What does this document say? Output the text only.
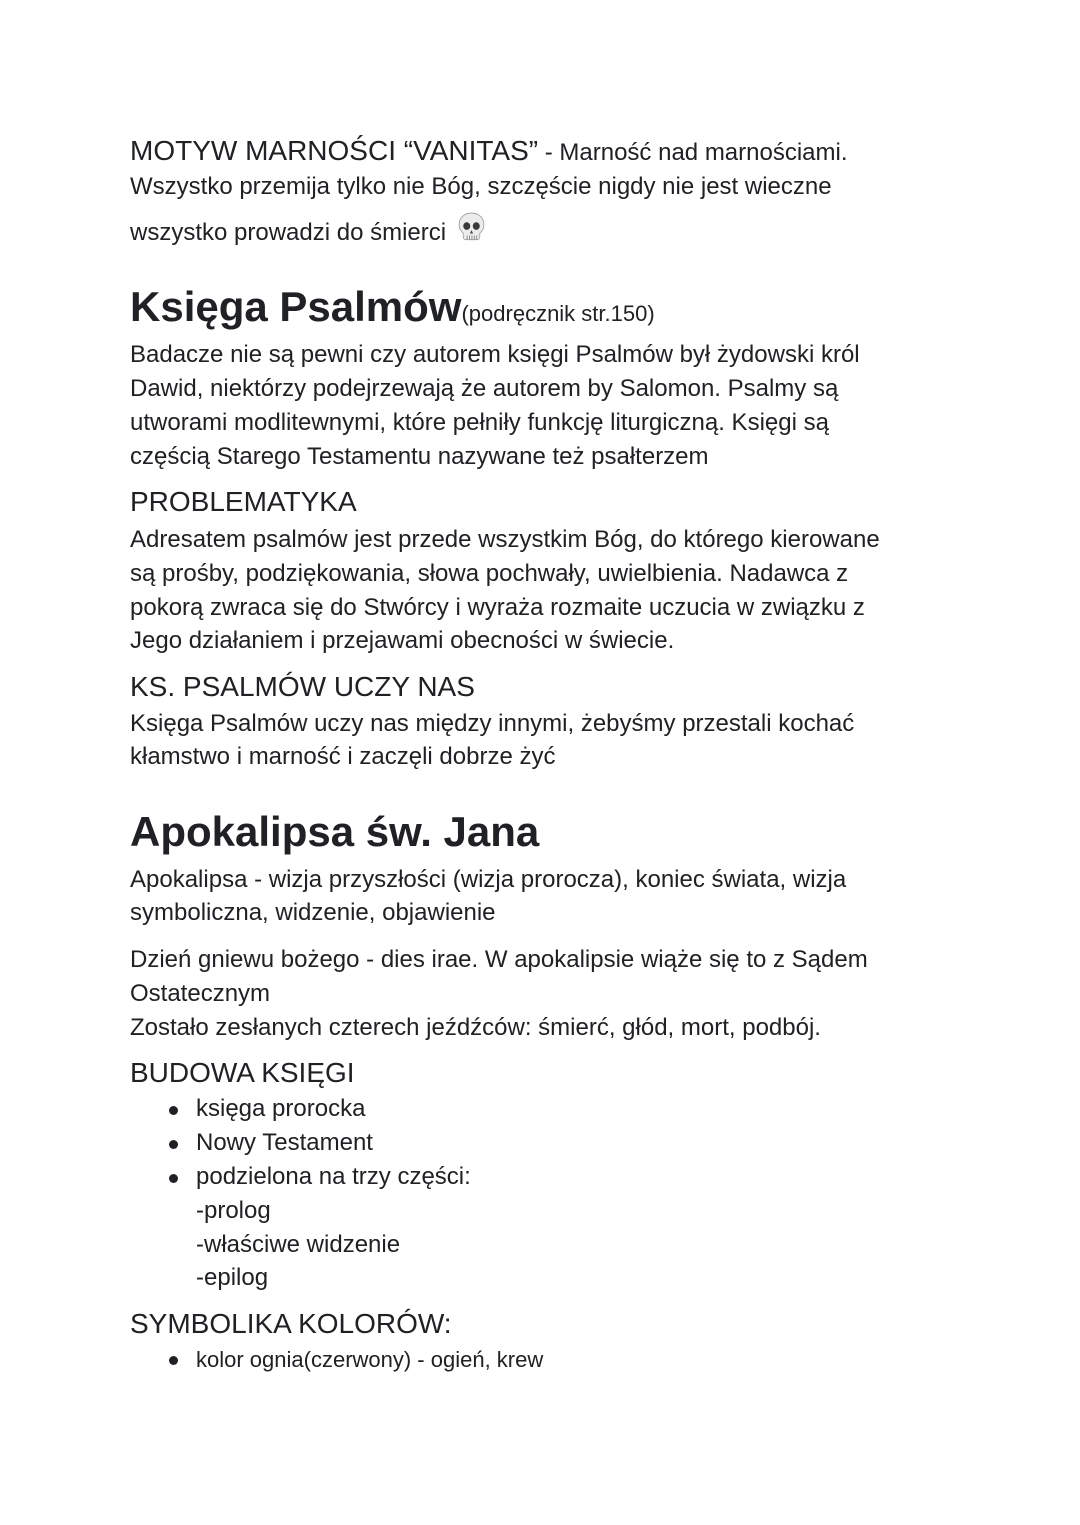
MOTYW MARNOŚCI “VANITAS” - Marność nad marnościami.
Wszystko przemija tylko nie Bóg, szczęście nigdy nie jest wieczne
wszystko prowadzi do śmierci
Księga Psalmów(podręcznik str.150)
Badacze nie są pewni czy autorem księgi Psalmów był żydowski król
Dawid, niektórzy podejrzewają że autorem by Salomon. Psalmy są
utworami modlitewnymi, które pełniły funkcję liturgiczną. Księgi są
częścią Starego Testamentu nazywane też psałterzem
PROBLEMATYKA
Adresatem psalmów jest przede wszystkim Bóg, do którego kierowane
są prośby, podziękowania, słowa pochwały, uwielbienia. Nadawca z
pokorą zwraca się do Stwórcy i wyraża rozmaite uczucia w związku z
Jego działaniem i przejawami obecności w świecie.
KS. PSALMÓW UCZY NAS
Księga Psalmów uczy nas między innymi, żebyśmy przestali kochać
kłamstwo i marność i zaczęli dobrze żyć
Apokalipsa św. Jana
Apokalipsa - wizja przyszłości (wizja prorocza), koniec świata, wizja
symboliczna, widzenie, objawienie
Dzień gniewu bożego - dies irae. W apokalipsie wiąże się to z Sądem
Ostatecznym
Zostało zesłanych czterech jeźdźców: śmierć, głód, mort, podbój.
BUDOWA KSIĘGI
księga prorocka
Nowy Testament
podzielona na trzy części:
-prolog
-właściwe widzenie
-epilog
SYMBOLIKA KOLORÓW:
kolor ognia(czerwony) - ogień, krew
